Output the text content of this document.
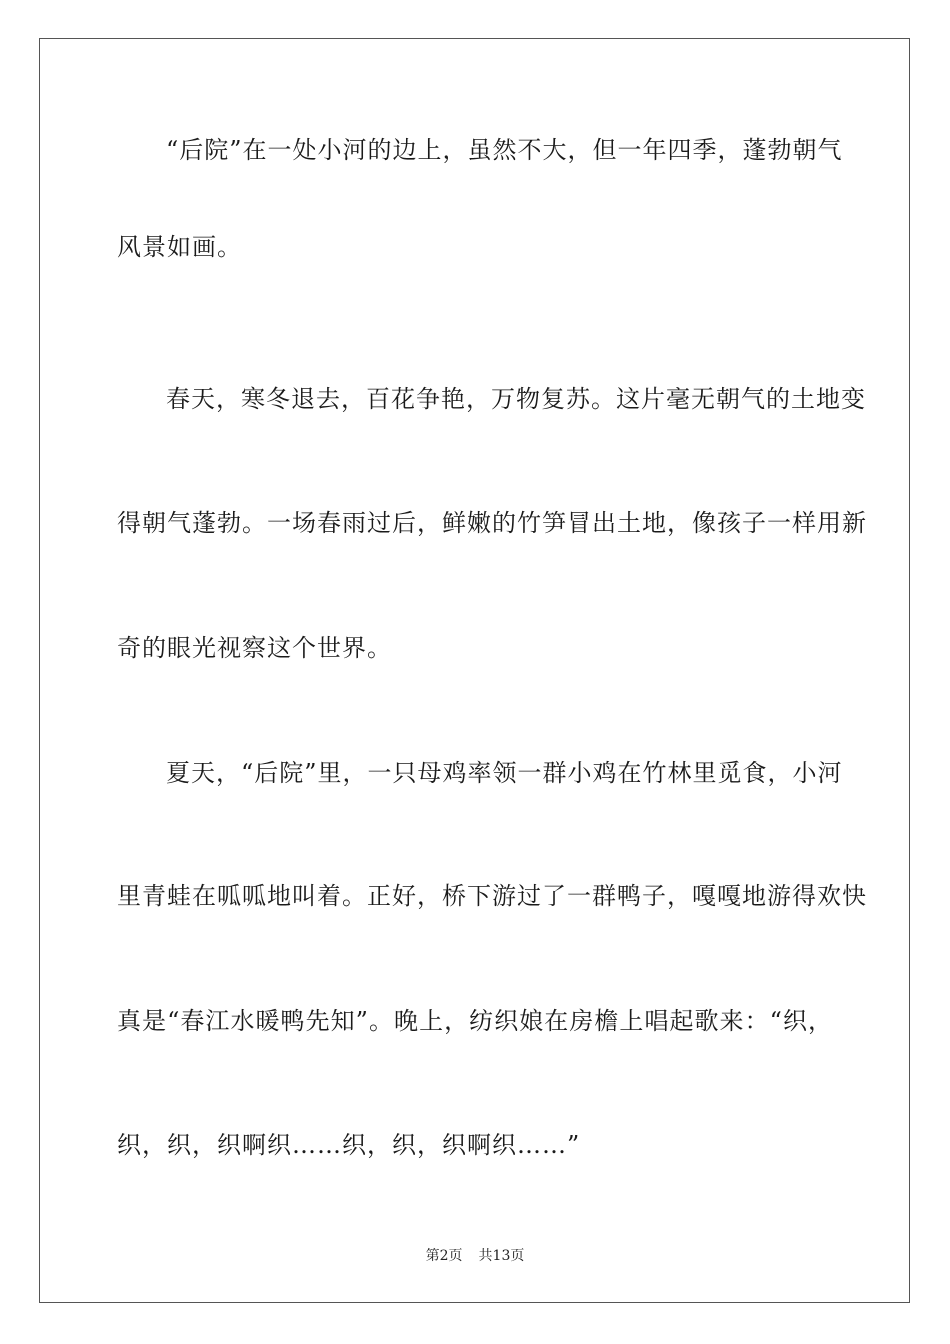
“后院”在一处小河的边上，虽然不大，但一年四季，蓬勃朝气
风景如画。
春天，寒冬退去，百花争艳，万物复苏。这片毫无朝气的土地变
得朝气蓬勃。一场春雨过后，鲜嫩的竹笋冒出土地，像孩子一样用新
奇的眼光视察这个世界。
夏天，“后院”里，一只母鸡率领一群小鸡在竹林里觅食，小河
里青蛙在呱呱地叫着。正好，桥下游过了一群鸭子，嘎嘎地游得欢快
真是“春江水暖鸭先知”。晚上，纺织娘在房檐上唱起歌来：“织，
织，织，织啊织……织，织，织啊织……”
第2页 共13页
